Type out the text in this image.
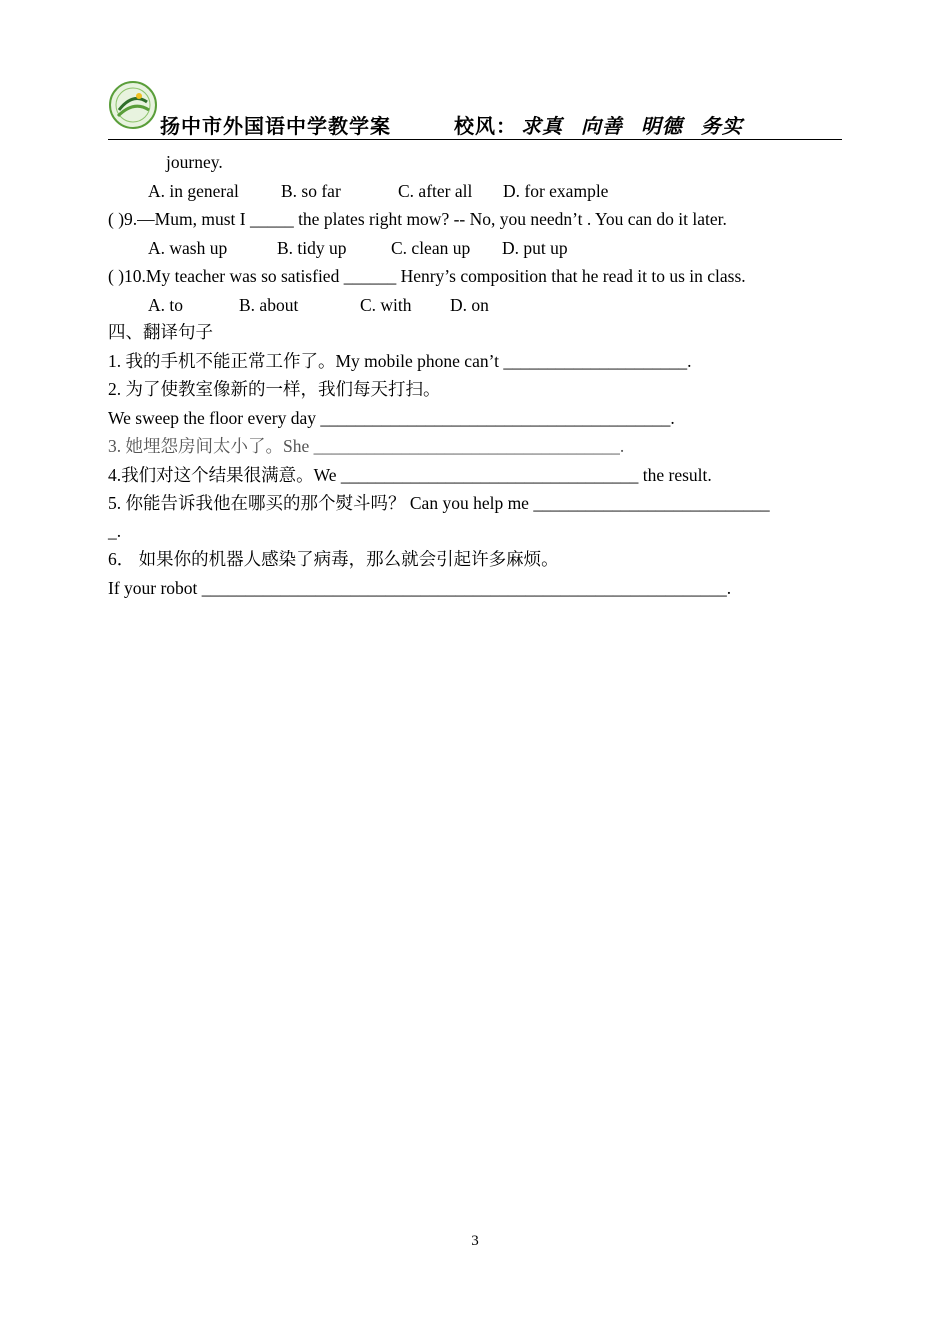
扬中市外国语中学教学案	校风： 求真 向善 明德 务实
journey.
A. in general B. so far	C. after all D. for example
( )9.—Mum, must I _____ the plates right mow? -- No, you needn’t . You can do it later.
A. wash up	B. tidy up	C. clean up D. put up
( )10.My teacher was so satisfied ______ Henry’s composition that he read it to us in class.
A. to	B. about	C. with D. on
四、翻译句子
1. 我的手机不能正常工作了。My mobile phone can’t _____________________.
2. 为了使教室像新的一样，我们每天打扫。
We sweep the floor every day ________________________________________.
3. 她埋怨房间太小了。She ___________________________________.
4.我们对这个结果很满意。We __________________________________ the result.
5. 你能告诉我他在哪买的那个熨斗吗？ Can you help me ___________________________
_.
6． 如果你的机器人感染了病毒，那么就会引起许多麻烦。
If your robot ____________________________________________________________.
3
